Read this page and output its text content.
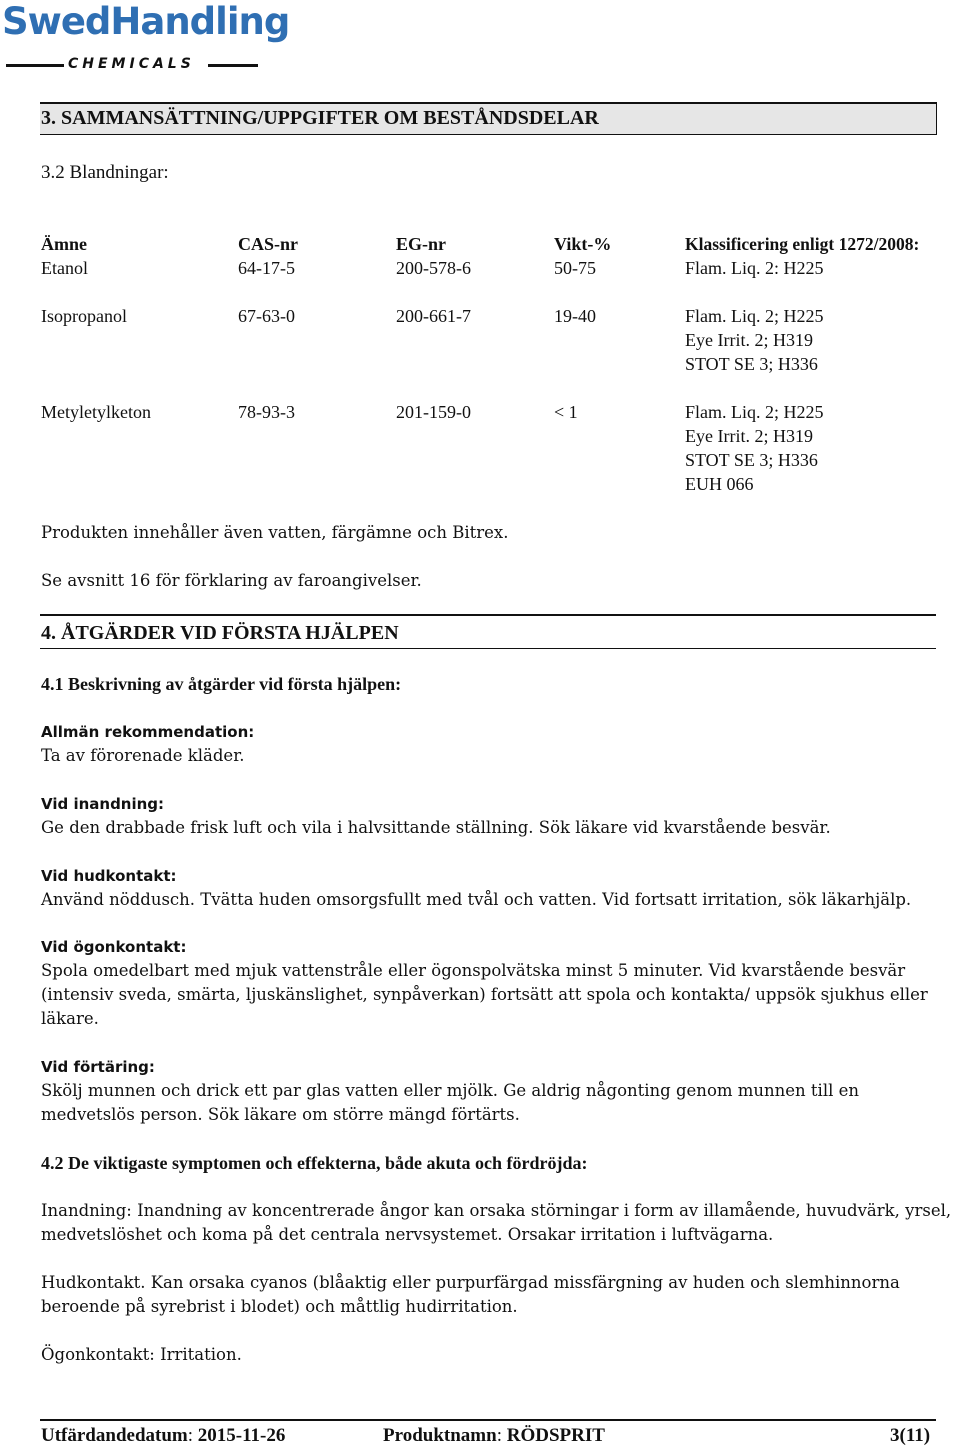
SwedHandling
CHEMICALS
3. SAMMANSÄTTNING/UPPGIFTER OM BESTÅNDSDELAR
3.2 Blandningar:
Ämne	CAS-nr	EG-nr	Vikt-%	Klassificering enligt 1272/2008:
Etanol	64-17-5	200-578-6	50-75	Flam. Liq. 2: H225
Isopropanol	67-63-0	200-661-7	19-40	Flam. Liq. 2; H225
Eye Irrit. 2; H319
STOT SE 3; H336
Metyletylketon	78-93-3	201-159-0	< 1	Flam. Liq. 2; H225
Eye Irrit. 2; H319
STOT SE 3; H336
EUH 066
Produkten innehåller även vatten, färgämne och Bitrex.
Se avsnitt 16 för förklaring av faroangivelser.
4. ÅTGÄRDER VID FÖRSTA HJÄLPEN
4.1 Beskrivning av åtgärder vid första hjälpen:
Allmän rekommendation:
Ta av förorenade kläder.
Vid inandning:
Ge den drabbade frisk luft och vila i halvsittande ställning. Sök läkare vid kvarstående besvär.
Vid hudkontakt:
Använd nöddusch. Tvätta huden omsorgsfullt med tvål och vatten. Vid fortsatt irritation, sök läkarhjälp.
Vid ögonkontakt:
Spola omedelbart med mjuk vattenstråle eller ögonspolvätska minst 5 minuter. Vid kvarstående besvär
(intensiv sveda, smärta, ljuskänslighet, synpåverkan) fortsätt att spola och kontakta/ uppsök sjukhus eller
läkare.
Vid förtäring:
Skölj munnen och drick ett par glas vatten eller mjölk. Ge aldrig någonting genom munnen till en
medvetslös person. Sök läkare om större mängd förtärts.
4.2 De viktigaste symptomen och effekterna, både akuta och fördröjda:
Inandning: Inandning av koncentrerade ångor kan orsaka störningar i form av illamående, huvudvärk, yrsel,
medvetslöshet och koma på det centrala nervsystemet. Orsakar irritation i luftvägarna.
Hudkontakt. Kan orsaka cyanos (blåaktig eller purpurfärgad missfärgning av huden och slemhinnorna
beroende på syrebrist i blodet) och måttlig hudirritation.
Ögonkontakt: Irritation.
Utfärdandedatum: 2015-11-26	Produktnamn: RÖDSPRIT	3(11)
